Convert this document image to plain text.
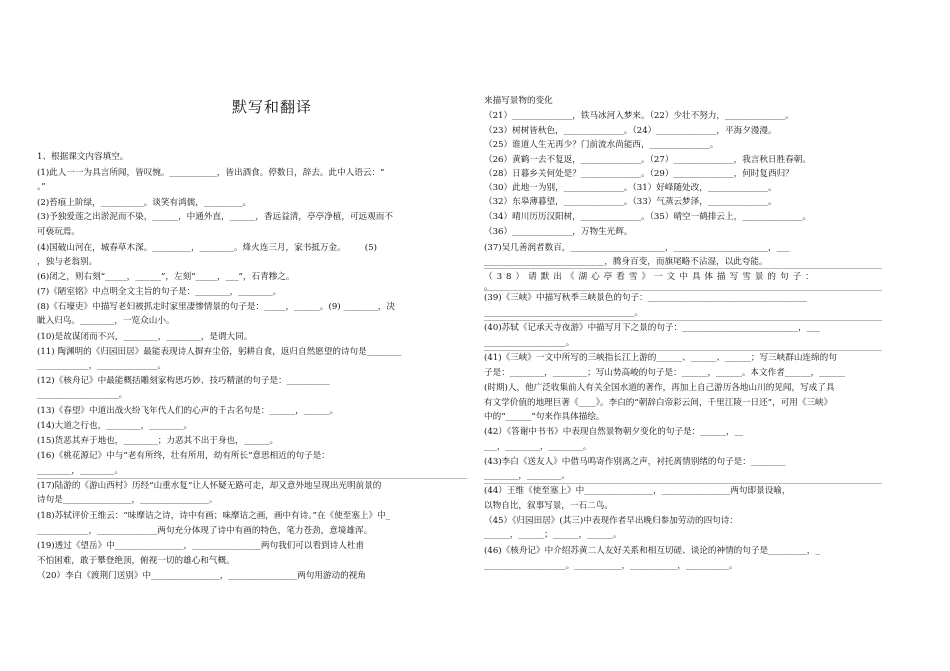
默写和翻译
1、根据课文内容填空。
(1)此人一一为具言所闻，皆叹惋。___________，皆出酒食。停数日，辞去。此中人语云：“
。”
(2)苔痕上阶绿，__________。谈笑有鸿儒，_________。
(3)予独爱莲之出淤泥而不染，______，中通外直，______，香远益清，亭亭净植，可远观而不
可亵玩焉。
(4)国破山河在，城春草木深。_________，________。烽火连三月，家书抵万金。       (5)
，独与老翁别。
(6)闭之，则右刻“_____，______”，左刻“_____，___”，石青糁之。
(7)《陋室铭》中点明全文主旨的句子是：________，________。
(8)《石壕吏》中描写老妇被抓走时家里凄惨情景的句子是：_____，______。(9) ________，决
眦入归鸟。________，一览众山小。
(10)是故谋闭而不兴，________，________，是谓大同。
(11) 陶渊明的《归园田居》最能表现诗人摒弃尘俗，躬耕自食，返归自然愿望的诗句是________
____________，______________。
(12)《核舟记》中最能概括雕刻家构思巧妙、技巧精湛的句子是：__________
___________________。
(13)《春望》中道出战火纷飞年代人们的心声的千古名句是：______，______。
(14)大道之行也，________，________。
(15)货恶其弃于地也，________；力恶其不出于身也，______。
(16)《桃花源记》中与“老有所终，壮有所用，幼有所长”意思相近的句子是：
________，________。
(17)陆游的《游山西村》历经“山重水复”让人怀疑无路可走，却又意外地呈现出光明前景的
诗句是________________，________________。
(18)苏轼评价王维云：“味摩诘之诗，诗中有画；味摩诘之画，画中有诗。”在《使至塞上》中_
____________，______________两句充分体现了诗中有画的特色，笔力苍劲，意境雄浑。
(19)透过《望岳》中________________，________________两句我们可以看到诗人杜甫
不怕困难，敢于攀登绝顶，俯视一切的雄心和气概。
（20）李白《渡荆门送别》中________________，________________两句用游动的视角
来描写景物的变化
（21）______________，铁马冰河入梦来。（22）少壮不努力，______________。
（23）树树皆秋色，______________。（24）______________，平海夕漫漫。
（25）谁道人生无再少？门前流水尚能西，______________。
（26）黄鹤一去不复返，______________。（27）______________，我言秋日胜春朝。
（28）日暮乡关何处是？______________。（29）______________，何时复西归？
（30）此地一为别，______________。（31）好峰随处改，______________。
（32）东皋薄暮望，______________。（33）气蒸云梦泽，______________。
（34）晴川历历汉阳树，______________。（35）晴空一鹤排云上，______________。
（36）______________，万物生光辉。
(37)吴几善润者数百，______________________，______________________，___
____________________________，腾身百变，而旗尾略不沾湿，以此夸能。
（38）请默出《湖心亭看雪》一文中具体描写雪景的句子：
。
(39)《三峡》中描写秋季三峡景色的句子：_____________________________________
___________________________________。
(40)苏轼《记承天寺夜游》中描写月下之景的句子：___________________________，___
___________________。
(41)《三峡》一文中所写的三峡指长江上游的______、______、______；写三峡群山连绵的句
子是：________，________；写山势高峻的句子是：______，______。本文作者______，______
(时期)人，他广泛收集前人有关全国水道的著作，再加上自己游历各地山川的见闻，写成了具
有文学价值的地理巨著《____》。李白的“朝辞白帝彩云间，千里江陵一日还”，可用《三峡》
中的“______”句来作具体描绘。
(42）《答谢中书书》中表现自然景物朝夕变化的句子是：______，__
___，________，________。
(43)李白《送友人》中借马鸣寄作别离之声，衬托离情别绪的句子是：________
________，________。
(44）王维《使至塞上》中________________，________________两句即景设喻，
以物自比，叙事写景，一石二鸟。
（45）《归园田居》(其三)中表现作者早出晚归参加劳动的四句诗：
______，______；______，______。
(46)《核舟记》中介绍苏黄二人友好关系和相互切磋、谈论的神情的句子是_________，_
___________________。___________，___________，__________。
